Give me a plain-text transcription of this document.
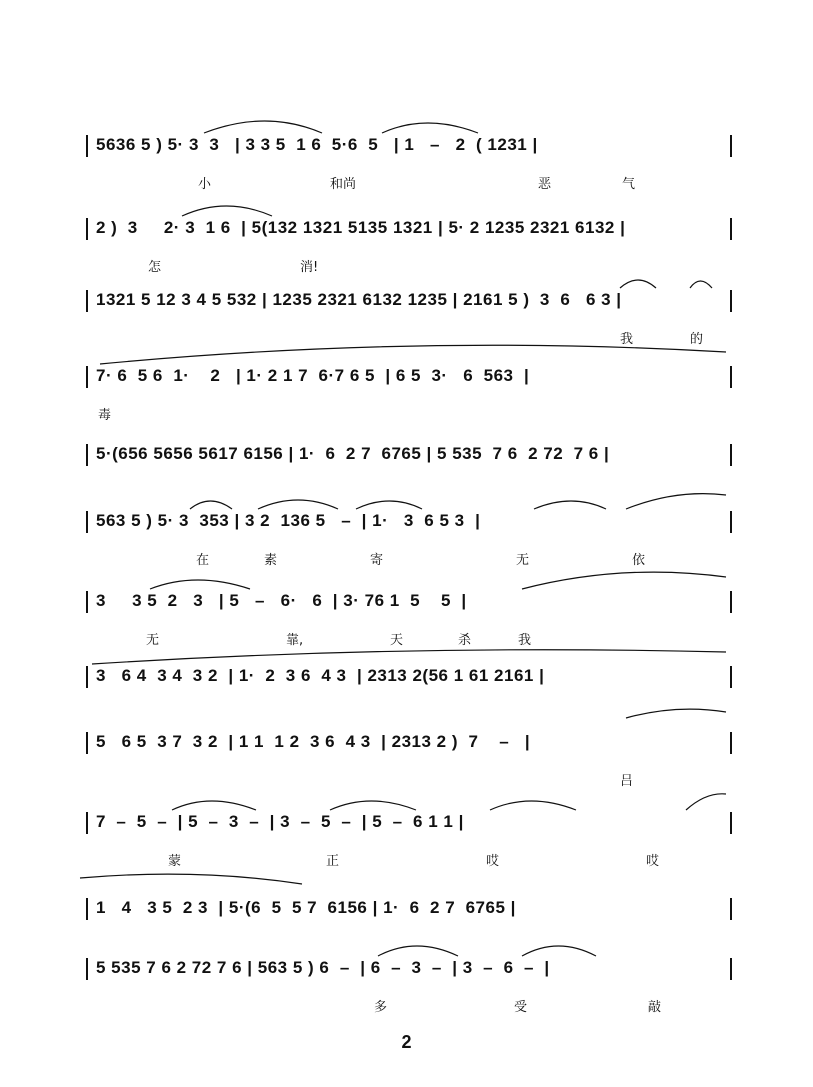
5636 5 ) 5· 3  3   | 3 3 5  1 6  5·6  5   | 1   –   2  ( 1231 |
小	和尚	恶	气
2 )  3     2· 3  1 6  | 5(132 1321 5135 1321 | 5· 2 1235 2321 6132 |
怎	消!
1321 5 12 3 4 5 532 | 1235 2321 6132 1235 | 2161 5 )  3  6   6 3 |
我	的
7· 6  5 6  1·    2   | 1· 2 1 7  6·7 6 5  | 6 5  3·   6  563  |
毒
5·(656 5656 5617 6156 | 1·  6  2 7  6765 | 5 535  7 6  2 72  7 6 |
563 5 ) 5· 3  353 | 3 2  136 5   –  | 1·   3  6 5 3  |
在	素	寄	无	依
3     3 5  2   3   | 5   –   6·   6  | 3· 76 1  5    5  |
无	靠,	天	杀	我
3   6 4  3 4  3 2  | 1·  2  3 6  4 3  | 2313 2(56 1 61 2161 |
5   6 5  3 7  3 2  | 1 1  1 2  3 6  4 3  | 2313 2 )  7    –   |
吕
7  –  5  –  | 5  –  3  –  | 3  –  5  –  | 5  –  6 1 1 |
蒙	正	哎	哎
1   4   3 5  2 3  | 5·(6  5  5 7  6156 | 1·  6  2 7  6765 |
5 535 7 6 2 72 7 6 | 563 5 ) 6  –  | 6  –  3  –  | 3  –  6  –  |
多	受	敲
2
